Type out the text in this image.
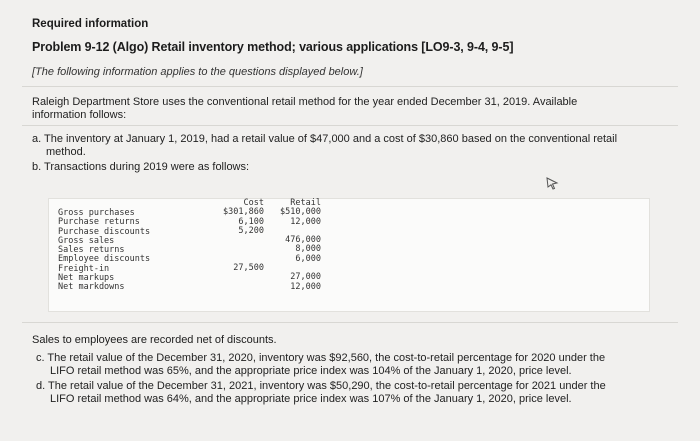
Required information
Problem 9-12 (Algo) Retail inventory method; various applications [LO9-3, 9-4, 9-5]
[The following information applies to the questions displayed below.]
Raleigh Department Store uses the conventional retail method for the year ended December 31, 2019. Available information follows:
a. The inventory at January 1, 2019, had a retail value of $47,000 and a cost of $30,860 based on the conventional retail
method.
b. Transactions during 2019 were as follows:
Gross purchases
Purchase returns
Purchase discounts
Gross sales
Sales returns
Employee discounts
Freight-in
Net markups
Net markdowns
Cost
$301,860
6,100
5,200
27,500
Retail
$510,000
12,000
476,000
8,000
6,000
27,000
12,000
Sales to employees are recorded net of discounts.
c. The retail value of the December 31, 2020, inventory was $92,560, the cost-to-retail percentage for 2020 under the
LIFO retail method was 65%, and the appropriate price index was 104% of the January 1, 2020, price level.
d. The retail value of the December 31, 2021, inventory was $50,290, the cost-to-retail percentage for 2021 under the
LIFO retail method was 64%, and the appropriate price index was 107% of the January 1, 2020, price level.
